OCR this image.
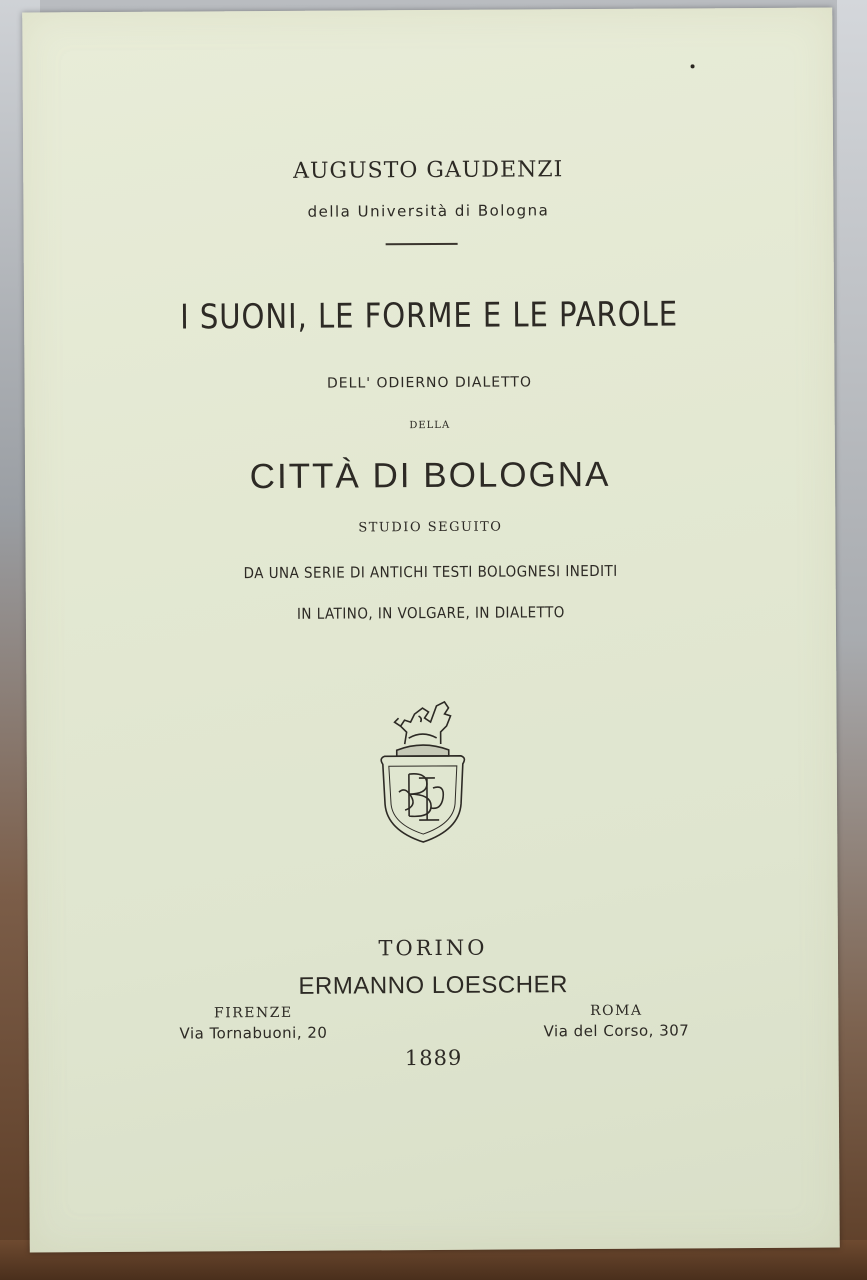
AUGUSTO GAUDENZI
della Università di Bologna
I SUONI, LE FORME E LE PAROLE
DELL' ODIERNO DIALETTO
DELLA
CITTÀ DI BOLOGNA
STUDIO SEGUITO
DA UNA SERIE DI ANTICHI TESTI BOLOGNESI INEDITI
IN LATINO, IN VOLGARE, IN DIALETTO
TORINO
ERMANNO LOESCHER
FIRENZE
Via Tornabuoni, 20
ROMA
Via del Corso, 307
1889
